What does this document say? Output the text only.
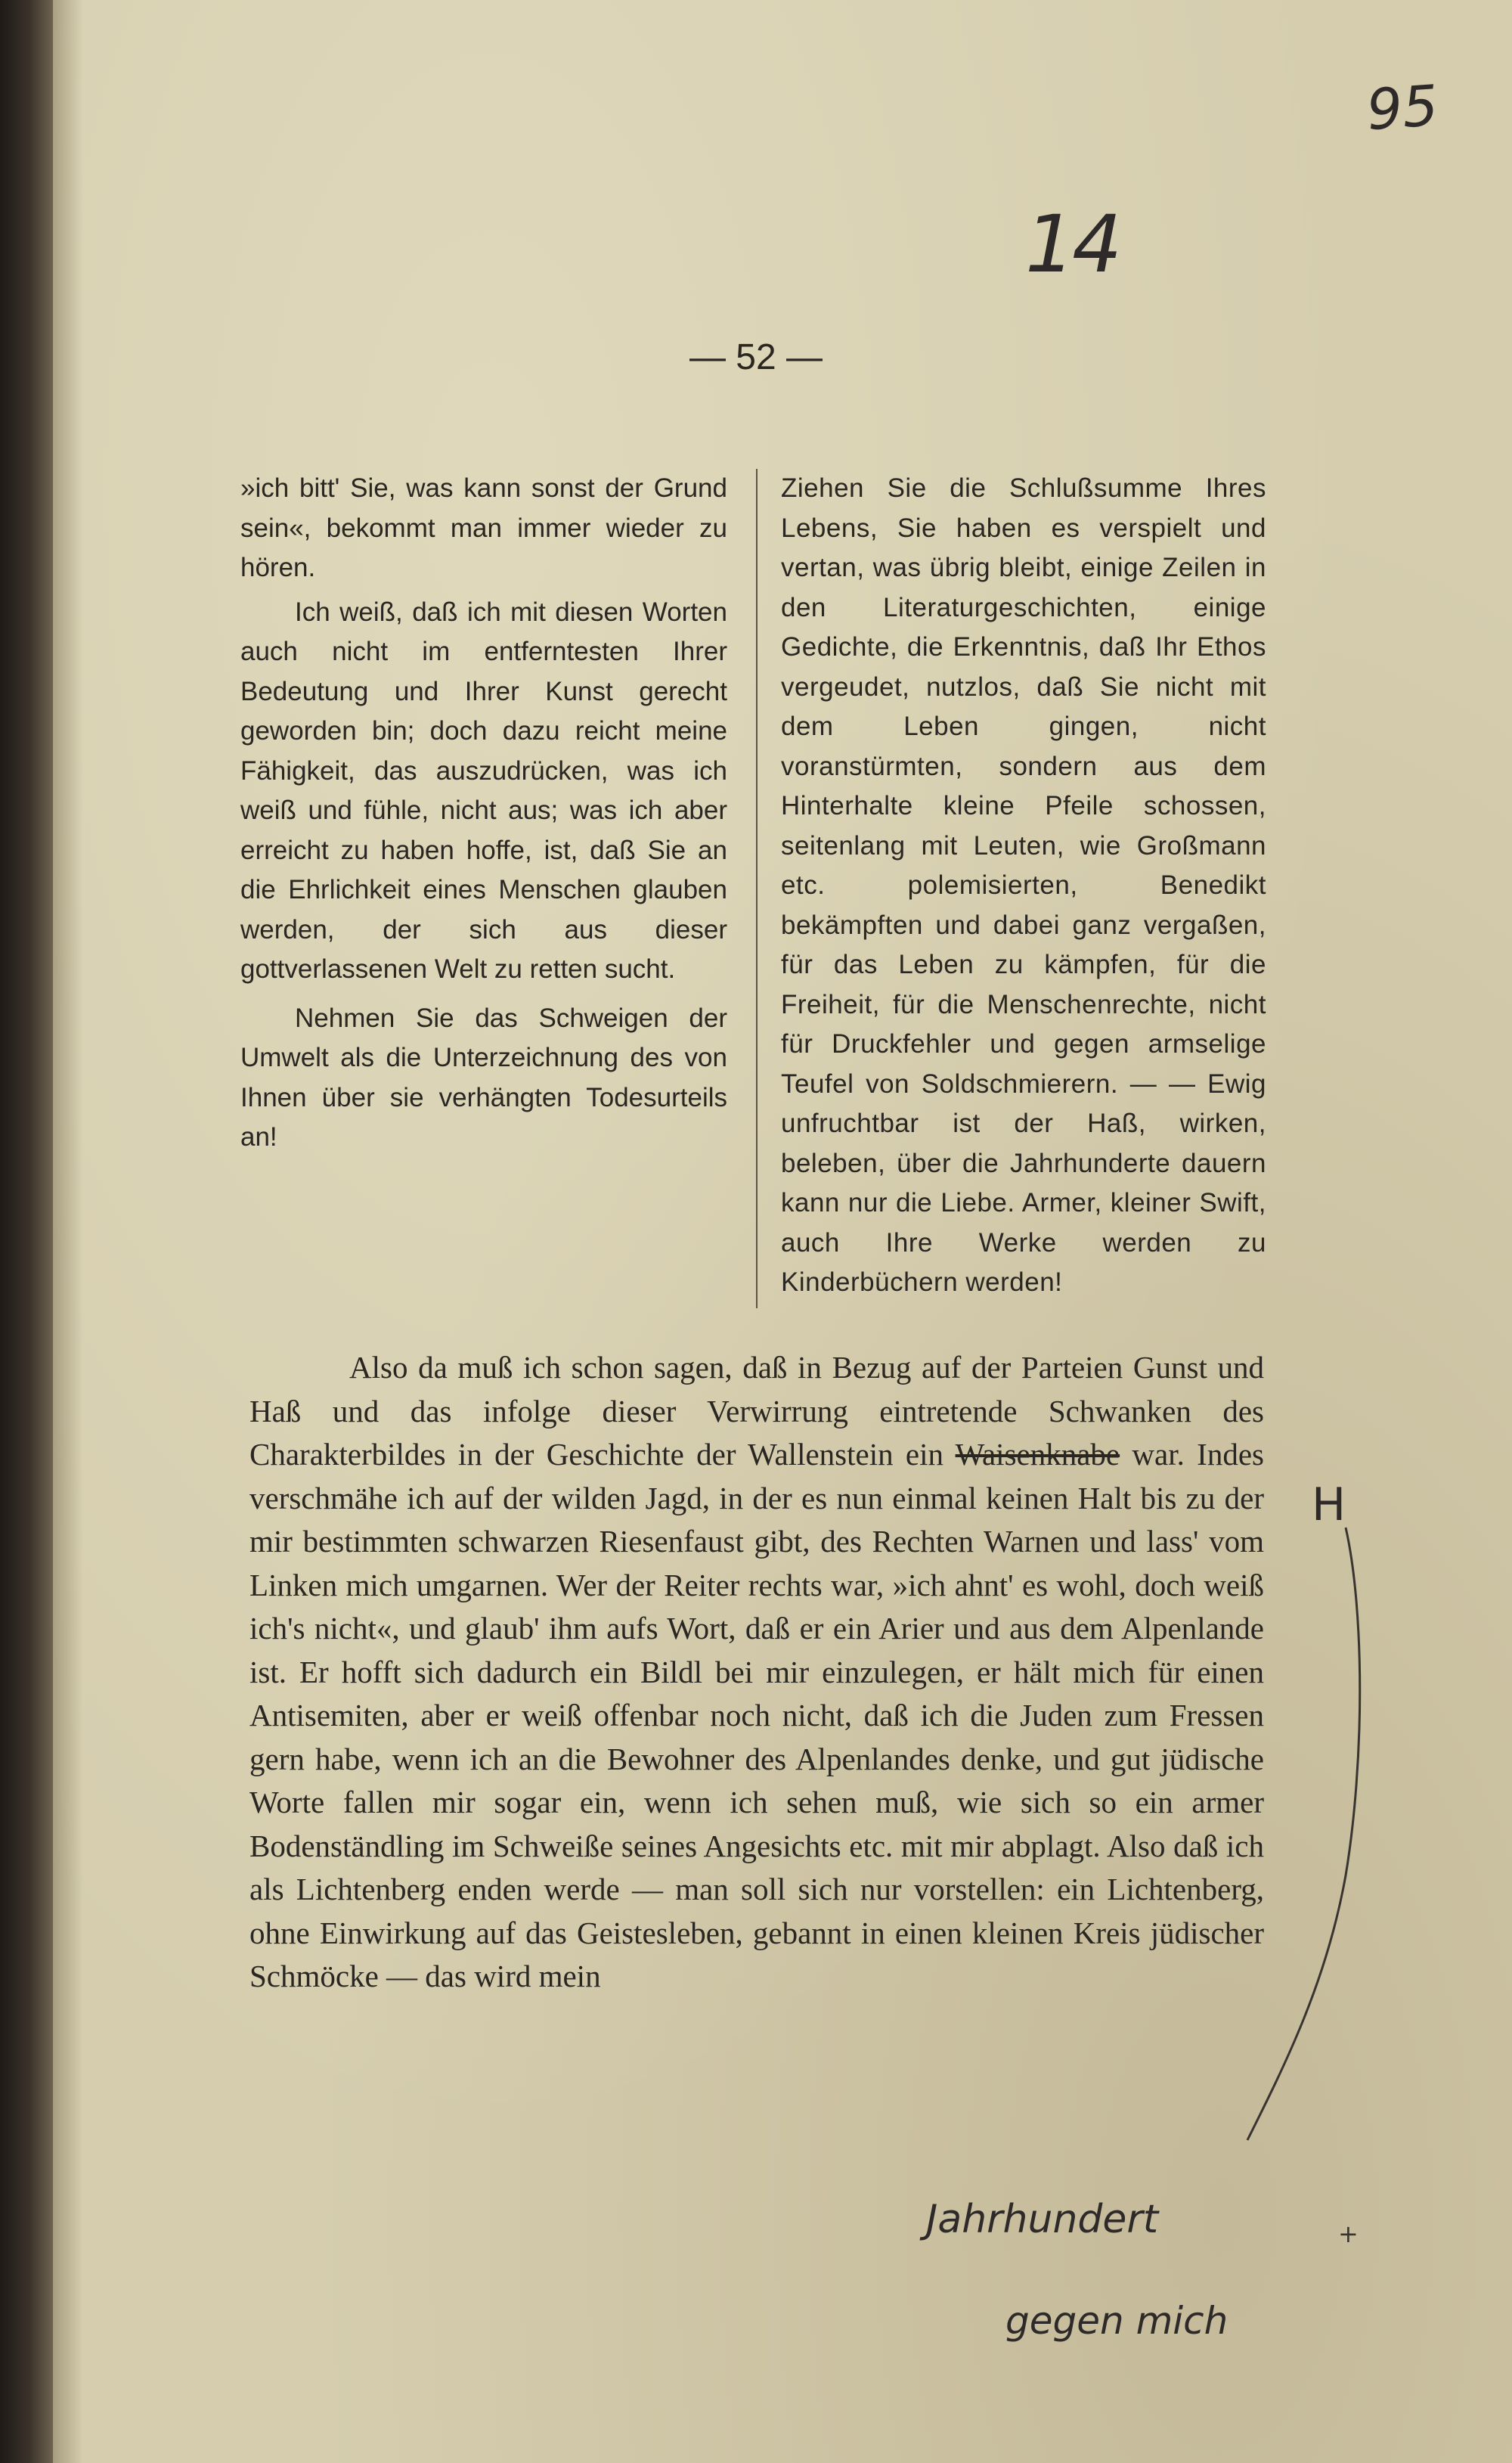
95
14
— 52 —

»ich bitt' Sie, was kann sonst der Grund sein«, bekommt man immer wieder zu hören.

Ich weiß, daß ich mit diesen Worten auch nicht im entferntesten Ihrer Bedeutung und Ihrer Kunst gerecht geworden bin; doch dazu reicht meine Fähigkeit, das auszudrücken, was ich weiß und fühle, nicht aus; was ich aber erreicht zu haben hoffe, ist, daß Sie an die Ehrlichkeit eines Menschen glauben werden, der sich aus dieser gottverlassenen Welt zu retten sucht.

Nehmen Sie das Schweigen der Umwelt als die Unterzeichnung des von Ihnen über sie verhängten Todesurteils an!

Ziehen Sie die Schlußsumme Ihres Lebens, Sie haben es verspielt und vertan, was übrig bleibt, einige Zeilen in den Literaturgeschichten, einige Gedichte, die Erkenntnis, daß Ihr Ethos vergeudet, nutzlos, daß Sie nicht mit dem Leben gingen, nicht voranstürmten, sondern aus dem Hinterhalte kleine Pfeile schossen, seitenlang mit Leuten, wie Großmann etc. polemisierten, Benedikt bekämpften und dabei ganz vergaßen, für das Leben zu kämpfen, für die Freiheit, für die Menschenrechte, nicht für Druckfehler und gegen armselige Teufel von Soldschmierern. — — Ewig unfruchtbar ist der Haß, wirken, beleben, über die Jahrhunderte dauern kann nur die Liebe. Armer, kleiner Swift, auch Ihre Werke werden zu Kinderbüchern werden!

Also da muß ich schon sagen, daß in Bezug auf der Parteien Gunst und Haß und das infolge dieser Verwirrung eintretende Schwanken des Charakterbildes in der Geschichte der Wallenstein ein Waisenknabe war. Indes verschmähe ich auf der wilden Jagd, in der es nun einmal keinen Halt bis zu der mir bestimmten schwarzen Riesenfaust gibt, des Rechten Warnen und lass' vom Linken mich umgarnen. Wer der Reiter rechts war, »ich ahnt' es wohl, doch weiß ich's nicht«, und glaub' ihm aufs Wort, daß er ein Arier und aus dem Alpenlande ist. Er hofft sich dadurch ein Bildl bei mir einzulegen, er hält mich für einen Antisemiten, aber er weiß offenbar noch nicht, daß ich die Juden zum Fressen gern habe, wenn ich an die Bewohner des Alpenlandes denke, und gut jüdische Worte fallen mir sogar ein, wenn ich sehen muß, wie sich so ein armer Bodenständling im Schweiße seines Angesichts etc. mit mir abplagt. Also daß ich als Lichtenberg enden werde — man soll sich nur vorstellen: ein Lichtenberg, ohne Einwirkung auf das Geistesleben, gebannt in einen kleinen Kreis jüdischer Schmöcke — das wird mein

H
Jahrhundert
gegen mich
+
